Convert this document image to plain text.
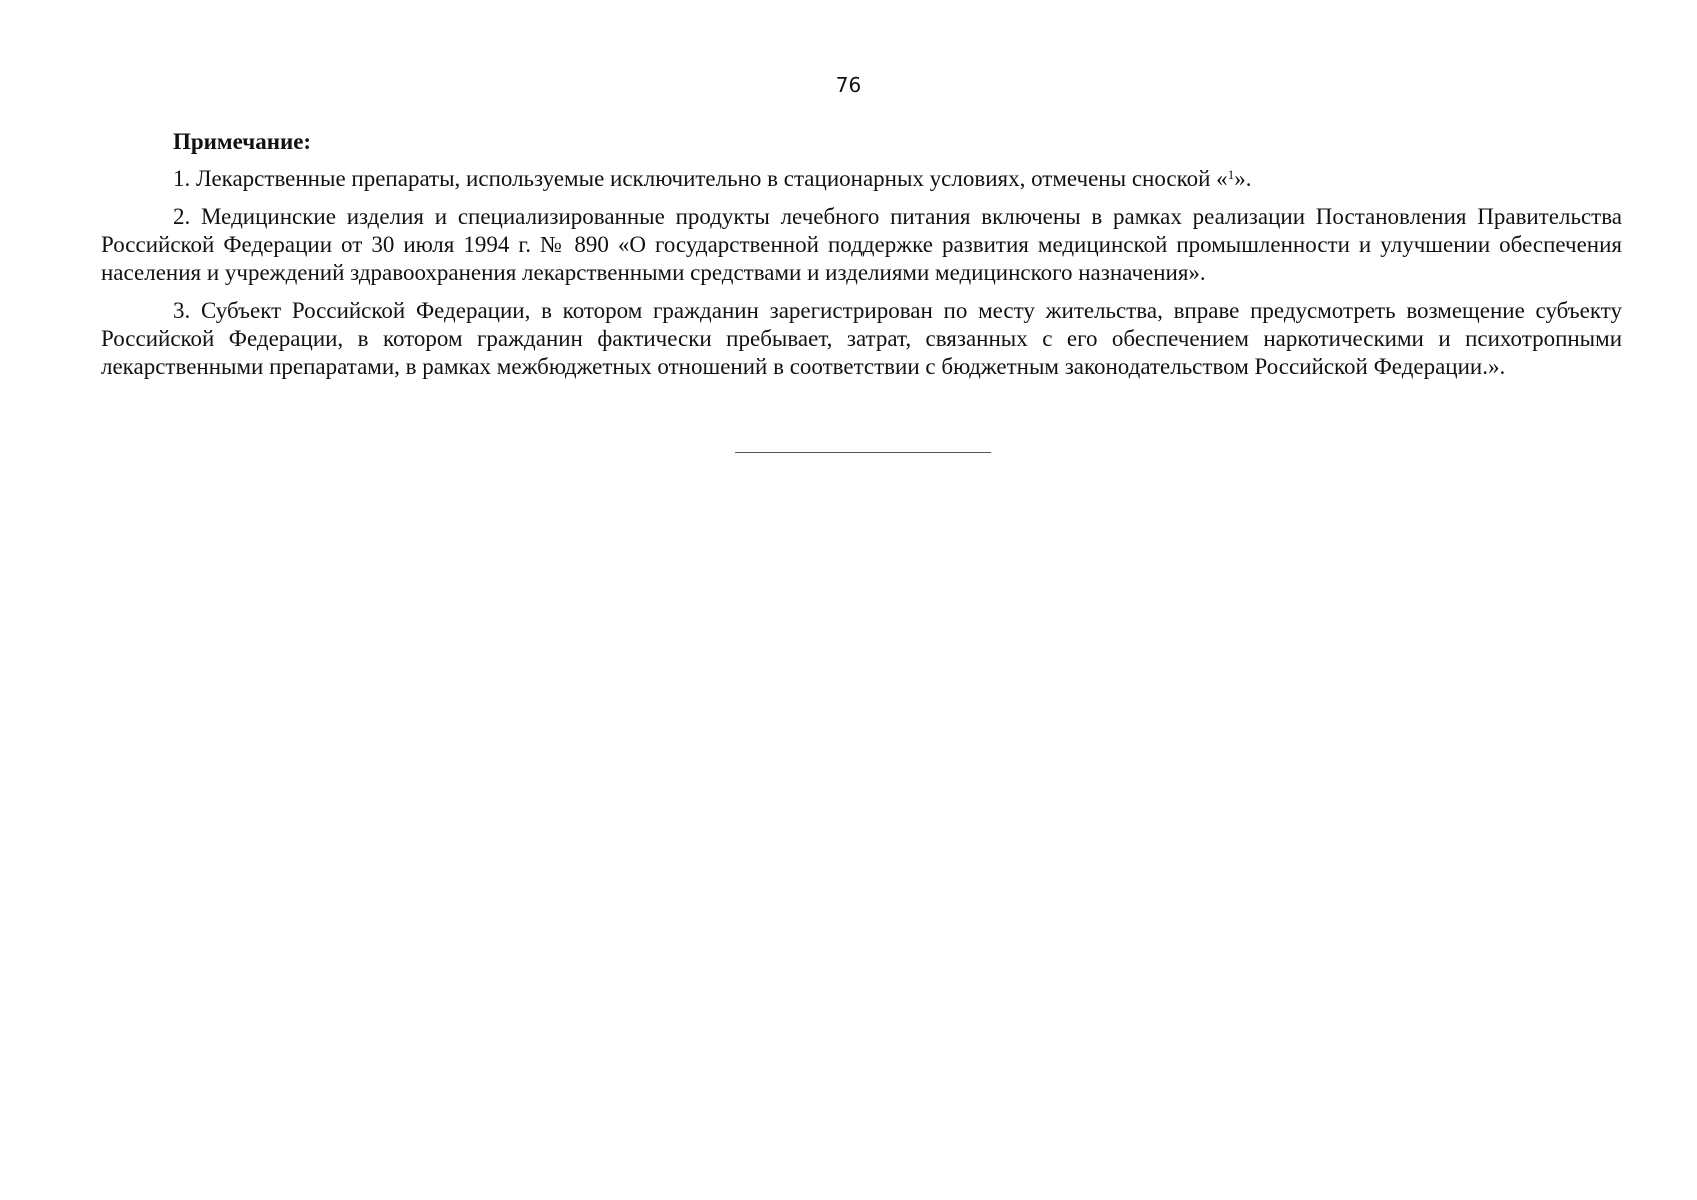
76
Примечание:

1. Лекарственные препараты, используемые исключительно в стационарных условиях, отмечены сноской «$^1$».

2. Медицинские изделия и специализированные продукты лечебного питания включены в рамках реализации Постановления Правительства Российской Федерации от 30 июля 1994 г. № 890 «О государственной поддержке развития медицинской промышленности и улучшении обеспечения населения и учреждений здравоохранения лекарственными средствами и изделиями медицинского назначения».

3. Субъект Российской Федерации, в котором гражданин зарегистрирован по месту жительства, вправе предусмотреть возмещение субъекту Российской Федерации, в котором гражданин фактически пребывает, затрат, связанных с его обеспечением наркотическими и психотропными лекарственными препаратами, в рамках межбюджетных отношений в соответствии с бюджетным законодательством Российской Федерации.».
